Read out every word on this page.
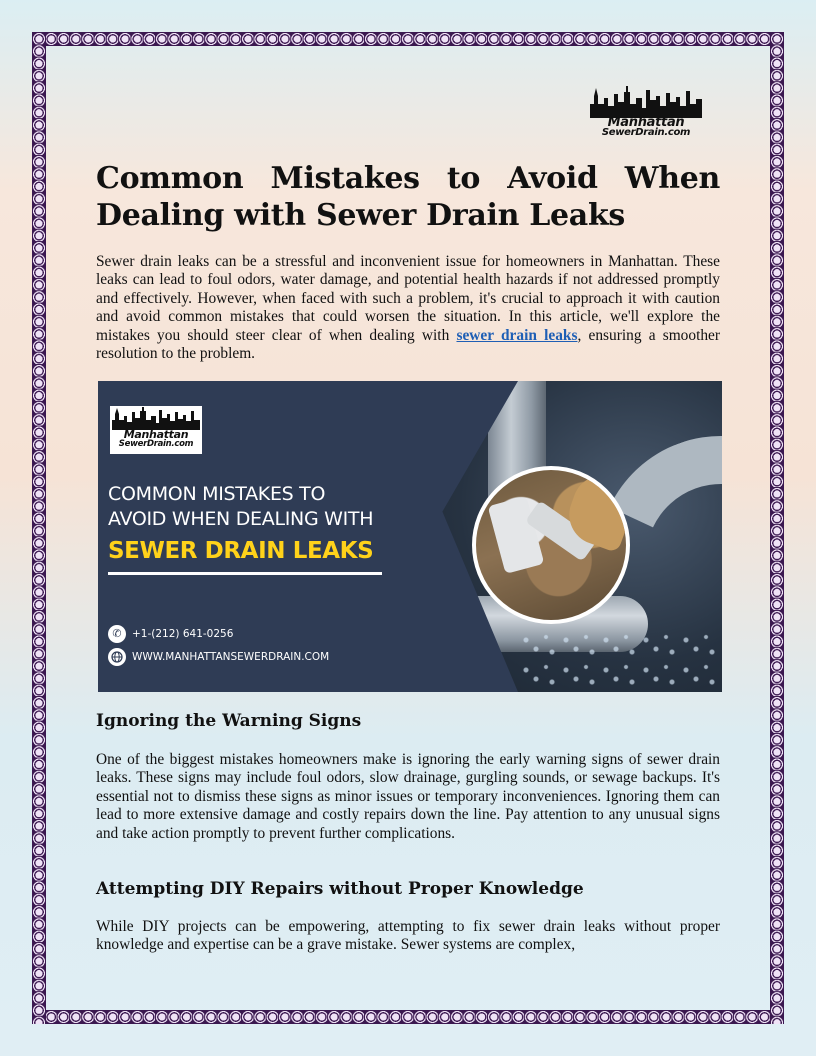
Manhattan
SewerDrain.com
Common Mistakes to Avoid When Dealing with Sewer Drain Leaks

Sewer drain leaks can be a stressful and inconvenient issue for homeowners in Manhattan. These leaks can lead to foul odors, water damage, and potential health hazards if not addressed promptly and effectively. However, when faced with such a problem, it's crucial to approach it with caution and avoid common mistakes that could worsen the situation. In this article, we'll explore the mistakes you should steer clear of when dealing with sewer drain leaks, ensuring a smoother resolution to the problem.

Manhattan
SewerDrain.com
COMMON MISTAKES TO
AVOID WHEN DEALING WITH
SEWER DRAIN LEAKS
✆ +1-(212) 641-0256
WWW.MANHATTANSEWERDRAIN.COM
Ignoring the Warning Signs

One of the biggest mistakes homeowners make is ignoring the early warning signs of sewer drain leaks. These signs may include foul odors, slow drainage, gurgling sounds, or sewage backups. It's essential not to dismiss these signs as minor issues or temporary inconveniences. Ignoring them can lead to more extensive damage and costly repairs down the line. Pay attention to any unusual signs and take action promptly to prevent further complications.

Attempting DIY Repairs without Proper Knowledge

While DIY projects can be empowering, attempting to fix sewer drain leaks without proper knowledge and expertise can be a grave mistake. Sewer systems are complex,
